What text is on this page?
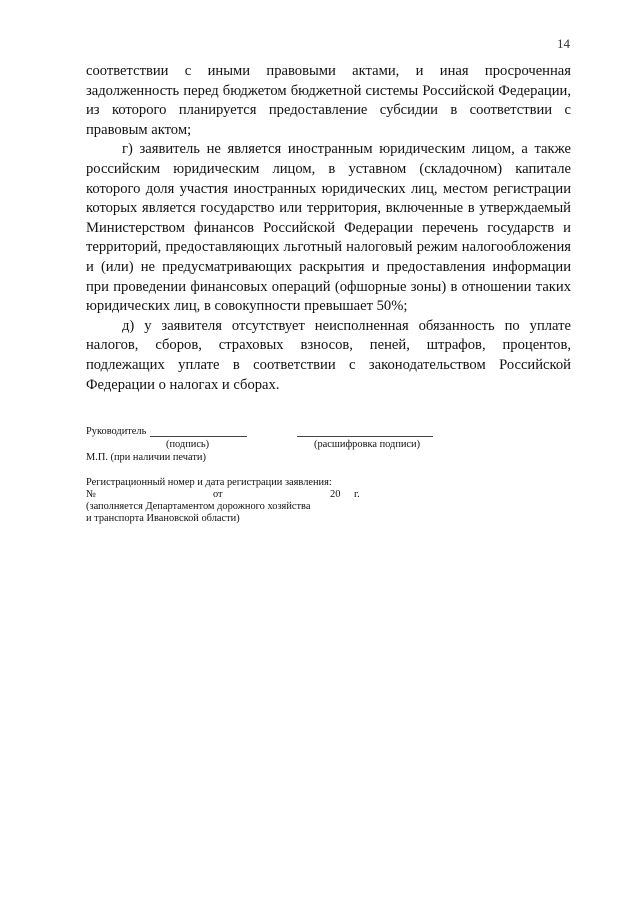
14

соответствии с иными правовыми актами, и иная просроченная задолженность перед бюджетом бюджетной системы Российской Федерации, из которого планируется предоставление субсидии в соответствии с правовым актом;

г) заявитель не является иностранным юридическим лицом, а также российским юридическим лицом, в уставном (складочном) капитале которого доля участия иностранных юридических лиц, местом регистрации которых является государство или территория, включенные в утверждаемый Министерством финансов Российской Федерации перечень государств и территорий, предоставляющих льготный налоговый режим налогообложения и (или) не предусматривающих раскрытия и предоставления информации при проведении финансовых операций (офшорные зоны) в отношении таких юридических лиц, в совокупности превышает 50%;

д) у заявителя отсутствует неисполненная обязанность по уплате налогов, сборов, страховых взносов, пеней, штрафов, процентов, подлежащих уплате в соответствии с законодательством Российской Федерации о налогах и сборах.

Руководитель
(подпись)	(расшифровка подписи)
М.П. (при наличии печати)
Регистрационный номер и дата регистрации заявления:
№	от	20 г.
(заполняется Департаментом дорожного хозяйства
и транспорта Ивановской области)
